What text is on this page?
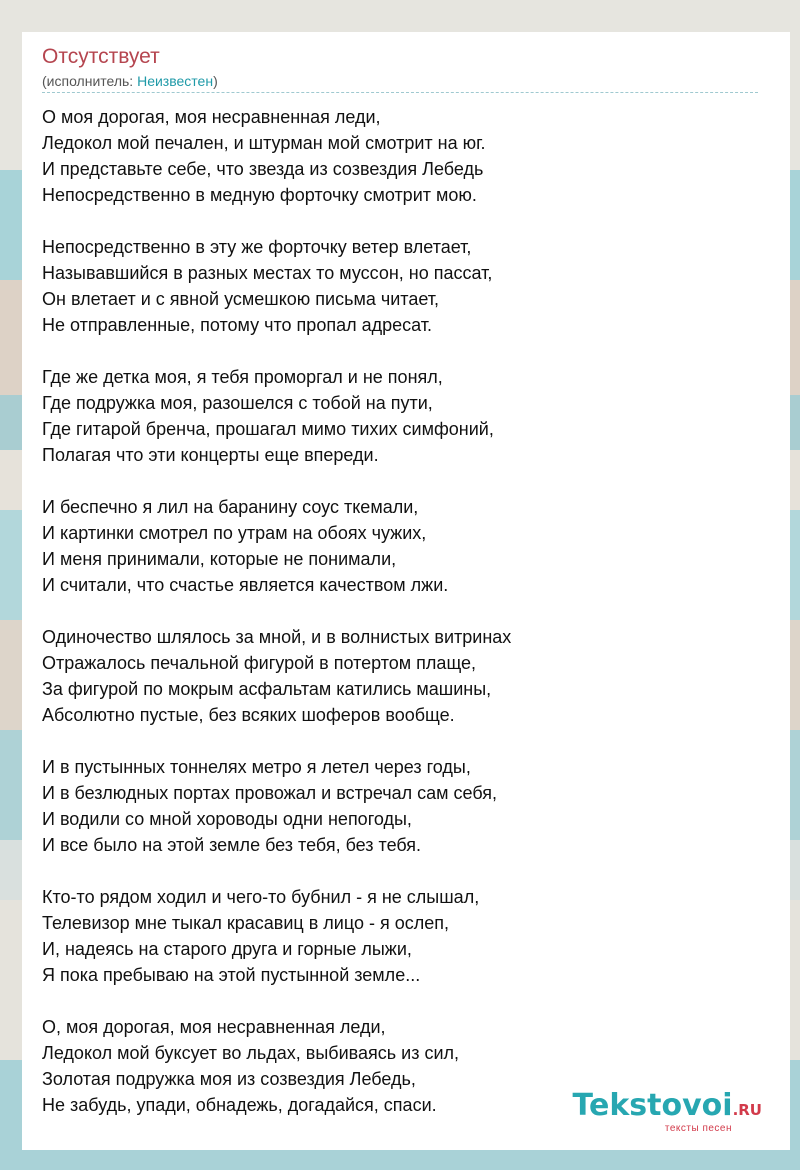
Отсутствует
(исполнитель: Неизвестен)
О моя дорогая, моя несравненная леди,
Ледокол мой печален, и штурман мой смотрит на юг.
И представьте себе, что звезда из созвездия Лебедь
Непосредственно в медную форточку смотрит мою.
Непосредственно в эту же форточку ветер влетает,
Называвшийся в разных местах то муссон, но пассат,
Он влетает и с явной усмешкою письма читает,
Не отправленные, потому что пропал адресат.
Где же детка моя, я тебя проморгал и не понял,
Где подружка моя, разошелся с тобой на пути,
Где гитарой бренча, прошагал мимо тихих симфоний,
Полагая что эти концерты еще впереди.
И беспечно я лил на баранину соус ткемали,
И картинки смотрел по утрам на обоях чужих,
И меня принимали, которые не понимали,
И считали, что счастье является качеством лжи.
Одиночество шлялось за мной, и в волнистых витринах
Отражалось печальной фигурой в потертом плаще,
За фигурой по мокрым асфальтам катились машины,
Абсолютно пустые, без всяких шоферов вообще.
И в пустынных тоннелях метро я летел через годы,
И в безлюдных портах провожал и встречал сам себя,
И водили со мной хороводы одни непогоды,
И все было на этой земле без тебя, без тебя.
Кто-то рядом ходил и чего-то бубнил - я не слышал,
Телевизор мне тыкал красавиц в лицо - я ослеп,
И, надеясь на старого друга и горные лыжи,
Я пока пребываю на этой пустынной земле...
О, моя дорогая, моя несравненная леди,
Ледокол мой буксует во льдах, выбиваясь из сил,
Золотая подружка моя из созвездия Лебедь,
Не забудь, упади, обнадежь, догадайся, спаси.	Tekstovoi.RU
тексты песен
